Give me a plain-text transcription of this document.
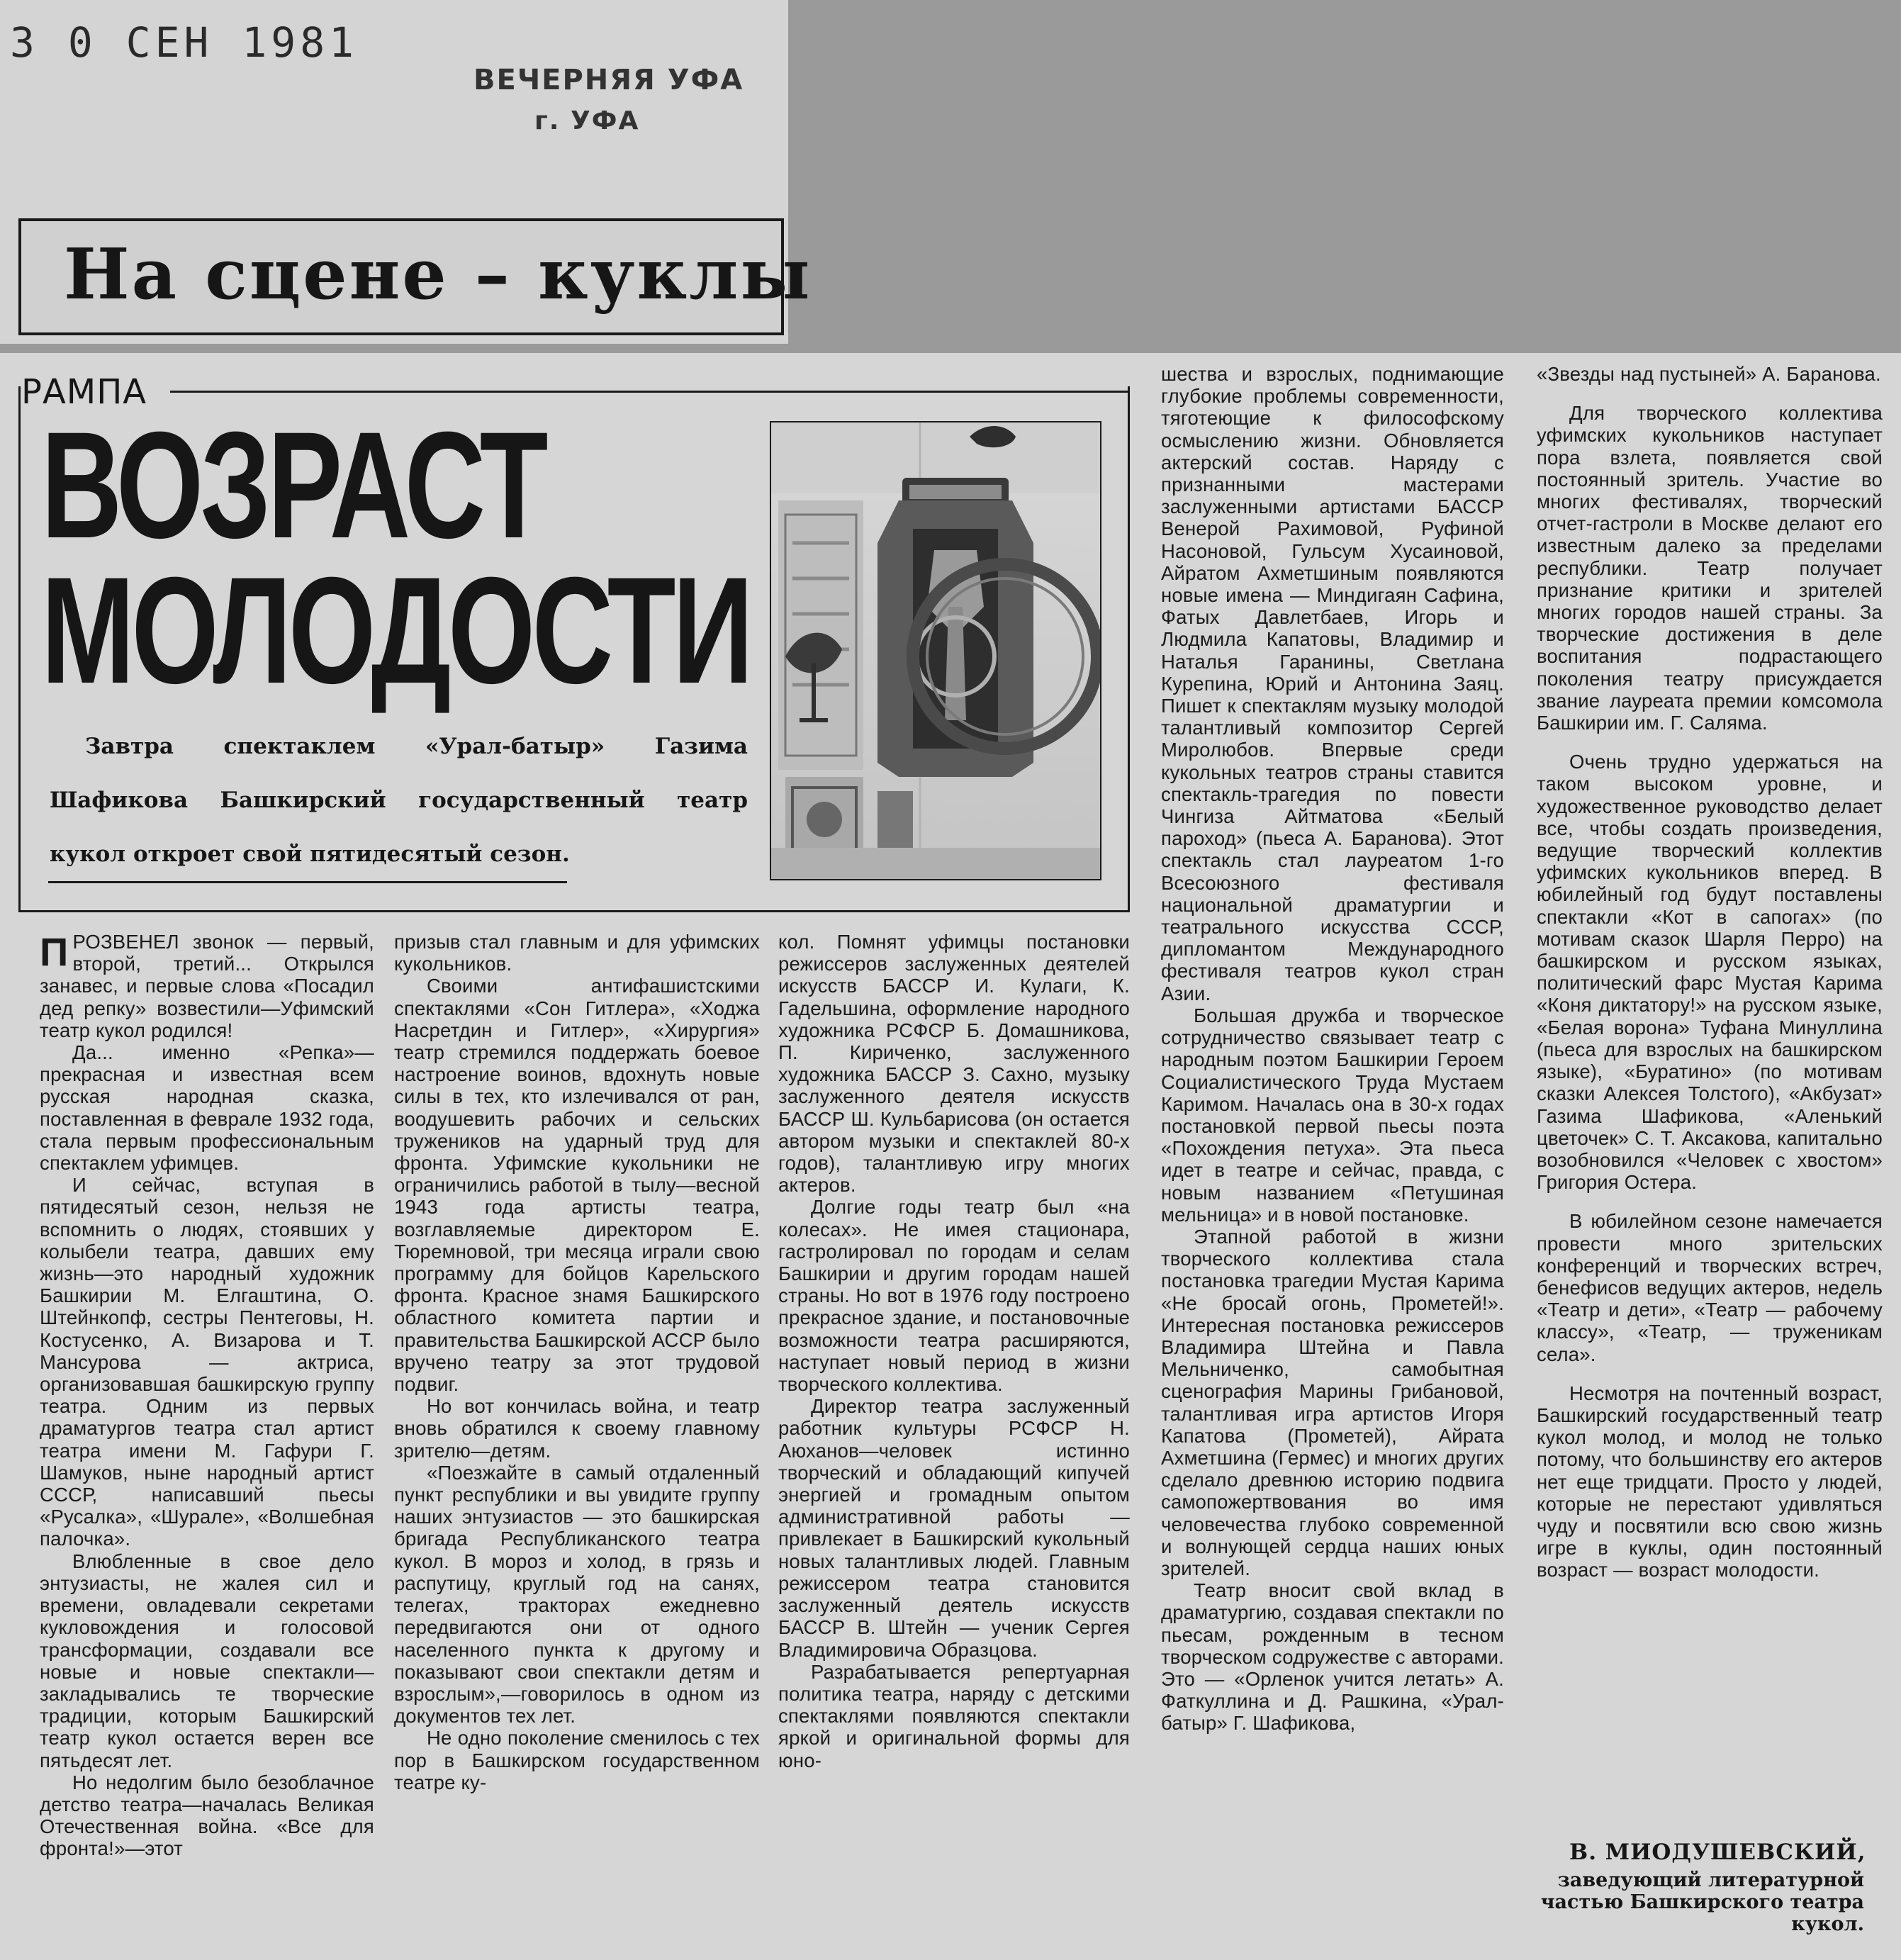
3 0 СЕН 1981
ВЕЧЕРНЯЯ УФА
г. УФА
На сцене – куклы
РАМПА
ВОЗРАСТ
МОЛОДОСТИ
Завтра спектаклем «Урал-батыр» Газима Шафикова Башкирский государственный театр кукол откроет свой пятидесятый сезон.

ПРОЗВЕНЕЛ звонок — первый, второй, третий... Открылся занавес, и первые слова «Посадил дед репку» возвестили—Уфимский театр кукол родился!

Да... именно «Репка»—прекрасная и известная всем русская народная сказка, поставленная в феврале 1932 года, стала первым профессиональным спектаклем уфимцев.

И сейчас, вступая в пятидесятый сезон, нельзя не вспомнить о людях, стоявших у колыбели театра, давших ему жизнь—это народный художник Башкирии М. Елгаштина, О. Штейнкопф, сестры Пентеговы, Н. Костусенко, А. Визарова и Т. Мансурова — актриса, организовавшая башкирскую группу театра. Одним из первых драматургов театра стал артист театра имени М. Гафури Г. Шамуков, ныне народный артист СССР, написавший пьесы «Русалка», «Шурале», «Волшебная палочка».

Влюбленные в свое дело энтузиасты, не жалея сил и времени, овладевали секретами кукловождения и голосовой трансформации, создавали все новые и новые спектакли—закладывались те творческие традиции, которым Башкирский театр кукол остается верен все пятьдесят лет.

Но недолгим было безоблачное детство театра—началась Великая Отечественная война. «Все для фронта!»—этот

призыв стал главным и для уфимских кукольников.

Своими антифашистскими спектаклями «Сон Гитлера», «Ходжа Насретдин и Гитлер», «Хирургия» театр стремился поддержать боевое настроение воинов, вдохнуть новые силы в тех, кто излечивался от ран, воодушевить рабочих и сельских тружеников на ударный труд для фронта. Уфимские кукольники не ограничились работой в тылу—весной 1943 года артисты театра, возглавляемые директором Е. Тюремновой, три месяца играли свою программу для бойцов Карельского фронта. Красное знамя Башкирского областного комитета партии и правительства Башкирской АССР было вручено театру за этот трудовой подвиг.

Но вот кончилась война, и театр вновь обратился к своему главному зрителю—детям.

«Поезжайте в самый отдаленный пункт республики и вы увидите группу наших энтузиастов — это башкирская бригада Республиканского театра кукол. В мороз и холод, в грязь и распутицу, круглый год на санях, телегах, тракторах ежедневно передвигаются они от одного населенного пункта к другому и показывают свои спектакли детям и взрослым»,—говорилось в одном из документов тех лет.

Не одно поколение сменилось с тех пор в Башкирском государственном театре ку-

кол. Помнят уфимцы постановки режиссеров заслуженных деятелей искусств БАССР И. Кулаги, К. Гадельшина, оформление народного художника РСФСР Б. Домашникова, П. Кириченко, заслуженного художника БАССР З. Сахно, музыку заслуженного деятеля искусств БАССР Ш. Кульбарисова (он остается автором музыки и спектаклей 80-х годов), талантливую игру многих актеров.

Долгие годы театр был «на колесах». Не имея стационара, гастролировал по городам и селам Башкирии и другим городам нашей страны. Но вот в 1976 году построено прекрасное здание, и постановочные возможности театра расширяются, наступает новый период в жизни творческого коллектива.

Директор театра заслуженный работник культуры РСФСР Н. Аюханов—человек истинно творческий и обладающий кипучей энергией и громадным опытом административной работы — привлекает в Башкирский кукольный новых талантливых людей. Главным режиссером театра становится заслуженный деятель искусств БАССР В. Штейн — ученик Сергея Владимировича Образцова.

Разрабатывается репертуарная политика театра, наряду с детскими спектаклями появляются спектакли яркой и оригинальной формы для юно-

шества и взрослых, поднимающие глубокие проблемы современности, тяготеющие к философскому осмыслению жизни. Обновляется актерский состав. Наряду с признанными мастерами заслуженными артистами БАССР Венерой Рахимовой, Руфиной Насоновой, Гульсум Хусаиновой, Айратом Ахметшиным появляются новые имена — Миндигаян Сафина, Фатых Давлетбаев, Игорь и Людмила Капатовы, Владимир и Наталья Гаранины, Светлана Курепина, Юрий и Антонина Заяц. Пишет к спектаклям музыку молодой талантливый композитор Сергей Миролюбов. Впервые среди кукольных театров страны ставится спектакль-трагедия по повести Чингиза Айтматова «Белый пароход» (пьеса А. Баранова). Этот спектакль стал лауреатом 1-го Всесоюзного фестиваля национальной драматургии и театрального искусства СССР, дипломантом Международного фестиваля театров кукол стран Азии.

Большая дружба и творческое сотрудничество связывает театр с народным поэтом Башкирии Героем Социалистического Труда Мустаем Каримом. Началась она в 30-х годах постановкой первой пьесы поэта «Похождения петуха». Эта пьеса идет в театре и сейчас, правда, с новым названием «Петушиная мельница» и в новой постановке.

Этапной работой в жизни творческого коллектива стала постановка трагедии Мустая Карима «Не бросай огонь, Прометей!». Интересная постановка режиссеров Владимира Штейна и Павла Мельниченко, самобытная сценография Марины Грибановой, талантливая игра артистов Игоря Капатова (Прометей), Айрата Ахметшина (Гермес) и многих других сделало древнюю историю подвига самопожертвования во имя человечества глубоко современной и волнующей сердца наших юных зрителей.

Театр вносит свой вклад в драматургию, создавая спектакли по пьесам, рожденным в тесном творческом содружестве с авторами. Это — «Орленок учится летать» А. Фаткуллина и Д. Рашкина, «Урал-батыр» Г. Шафикова,

«Звезды над пустыней» А. Баранова.

Для творческого коллектива уфимских кукольников наступает пора взлета, появляется свой постоянный зритель. Участие во многих фестивалях, творческий отчет-гастроли в Москве делают его известным далеко за пределами республики. Театр получает признание критики и зрителей многих городов нашей страны. За творческие достижения в деле воспитания подрастающего поколения театру присуждается звание лауреата премии комсомола Башкирии им. Г. Саляма.

Очень трудно удержаться на таком высоком уровне, и художественное руководство делает все, чтобы создать произведения, ведущие творческий коллектив уфимских кукольников вперед. В юбилейный год будут поставлены спектакли «Кот в сапогах» (по мотивам сказок Шарля Перро) на башкирском и русском языках, политический фарс Мустая Карима «Коня диктатору!» на русском языке, «Белая ворона» Туфана Минуллина (пьеса для взрослых на башкирском языке), «Буратино» (по мотивам сказки Алексея Толстого), «Акбузат» Газима Шафикова, «Аленький цветочек» С. Т. Аксакова, капитально возобновился «Человек с хвостом» Григория Остера.

В юбилейном сезоне намечается провести много зрительских конференций и творческих встреч, бенефисов ведущих актеров, недель «Театр и дети», «Театр — рабочему классу», «Театр, — труженикам села».

Несмотря на почтенный возраст, Башкирский государственный театр кукол молод, и молод не только потому, что большинству его актеров нет еще тридцати. Просто у людей, которые не перестают удивляться чуду и посвятили всю свою жизнь игре в куклы, один постоянный возраст — возраст молодости.

В. МИОДУШЕВСКИЙ,
заведующий литературной частью Башкирского театра кукол.
